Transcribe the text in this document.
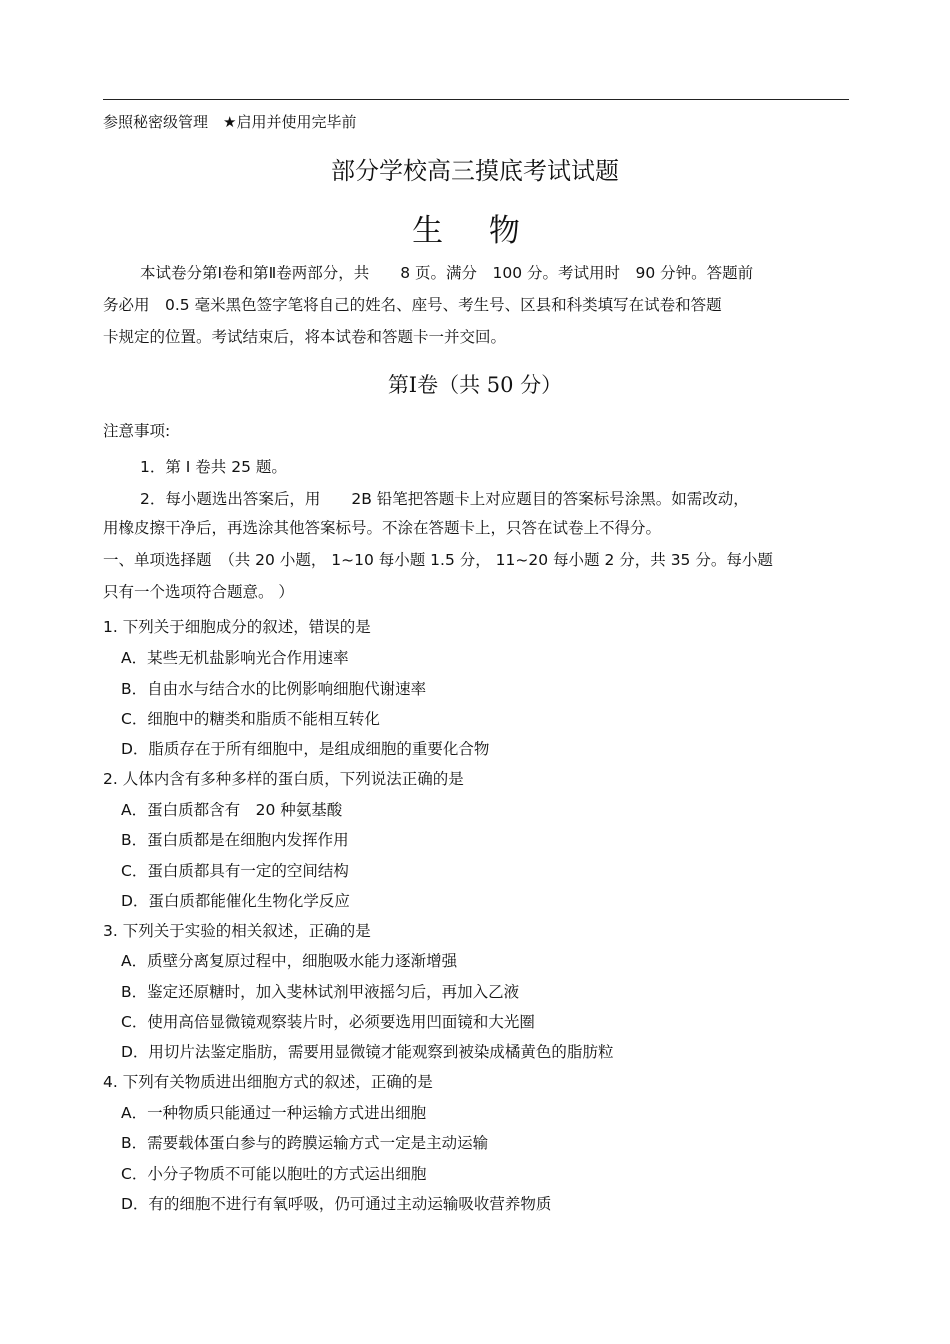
参照秘密级管理　★启用并使用完毕前
部分学校高三摸底考试试题
生 物
本试卷分第Ⅰ卷和第Ⅱ卷两部分，共　　8 页。满分　100 分。考试用时　90 分钟。答题前
务必用　0.5 毫米黑色签字笔将自己的姓名、座号、考生号、区县和科类填写在试卷和答题
卡规定的位置。考试结束后，将本试卷和答题卡一并交回。
第Ⅰ卷（共 50 分）
注意事项:
1．第 Ⅰ 卷共 25 题。
2．每小题选出答案后，用　　2B 铅笔把答题卡上对应题目的答案标号涂黑。如需改动，
用橡皮擦干净后，再选涂其他答案标号。不涂在答题卡上，只答在试卷上不得分。
一、单项选择题　（共 20 小题， 1~10 每小题 1.5 分， 11~20 每小题 2 分，共 35 分。每小题
只有一个选项符合题意。 ）
1. 下列关于细胞成分的叙述，错误的是
A．某些无机盐影响光合作用速率
B．自由水与结合水的比例影响细胞代谢速率
C．细胞中的糖类和脂质不能相互转化
D．脂质存在于所有细胞中，是组成细胞的重要化合物
2. 人体内含有多种多样的蛋白质，下列说法正确的是
A．蛋白质都含有　20 种氨基酸
B．蛋白质都是在细胞内发挥作用
C．蛋白质都具有一定的空间结构
D．蛋白质都能催化生物化学反应
3. 下列关于实验的相关叙述，正确的是
A．质壁分离复原过程中，细胞吸水能力逐渐增强
B．鉴定还原糖时，加入斐林试剂甲液摇匀后，再加入乙液
C．使用高倍显微镜观察装片时，必须要选用凹面镜和大光圈
D．用切片法鉴定脂肪，需要用显微镜才能观察到被染成橘黄色的脂肪粒
4. 下列有关物质进出细胞方式的叙述，正确的是
A．一种物质只能通过一种运输方式进出细胞
B．需要载体蛋白参与的跨膜运输方式一定是主动运输
C．小分子物质不可能以胞吐的方式运出细胞
D．有的细胞不进行有氧呼吸，仍可通过主动运输吸收营养物质
